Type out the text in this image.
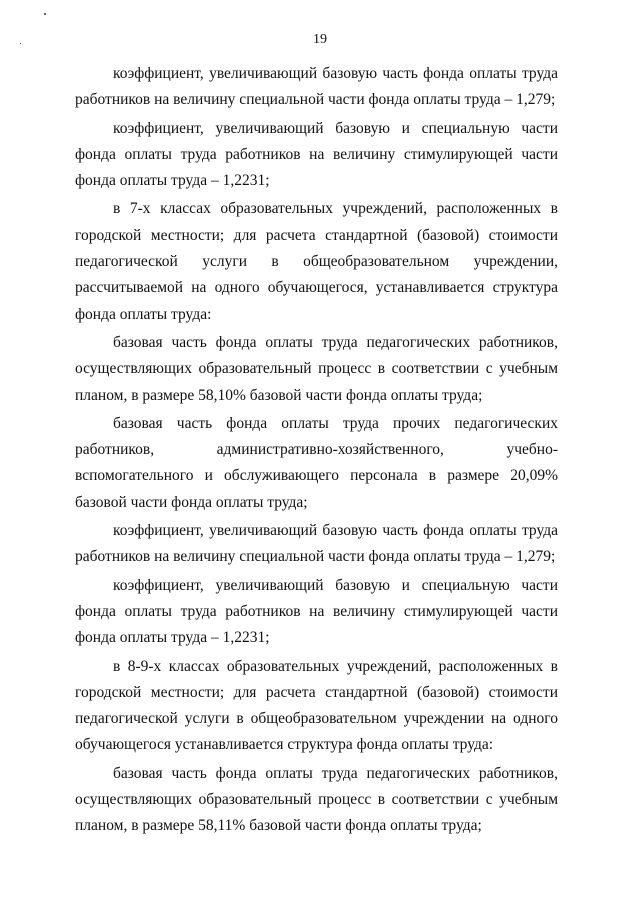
19

коэффициент, увеличивающий базовую часть фонда оплаты труда работников на величину специальной части фонда оплаты труда – 1,279;

коэффициент, увеличивающий базовую и специальную части фонда оплаты труда работников на величину стимулирующей части фонда оплаты труда – 1,2231;

в 7-х классах образовательных учреждений, расположенных в городской местности; для расчета стандартной (базовой) стоимости педагогической услуги в общеобразовательном учреждении, рассчитываемой на одного обучающегося, устанавливается структура фонда оплаты труда:

базовая часть фонда оплаты труда педагогических работников, осуществляющих образовательный процесс в соответствии с учебным планом, в размере 58,10% базовой части фонда оплаты труда;

базовая часть фонда оплаты труда прочих педагогических работников, административно-хозяйственного, учебно-вспомогательного и обслуживающего персонала в размере 20,09% базовой части фонда оплаты труда;

коэффициент, увеличивающий базовую часть фонда оплаты труда работников на величину специальной части фонда оплаты труда – 1,279;

коэффициент, увеличивающий базовую и специальную части фонда оплаты труда работников на величину стимулирующей части фонда оплаты труда – 1,2231;

в 8-9-х классах образовательных учреждений, расположенных в городской местности; для расчета стандартной (базовой) стоимости педагогической услуги в общеобразовательном учреждении на одного обучающегося устанавливается структура фонда оплаты труда:

базовая часть фонда оплаты труда педагогических работников, осуществляющих образовательный процесс в соответствии с учебным планом, в размере 58,11% базовой части фонда оплаты труда;
